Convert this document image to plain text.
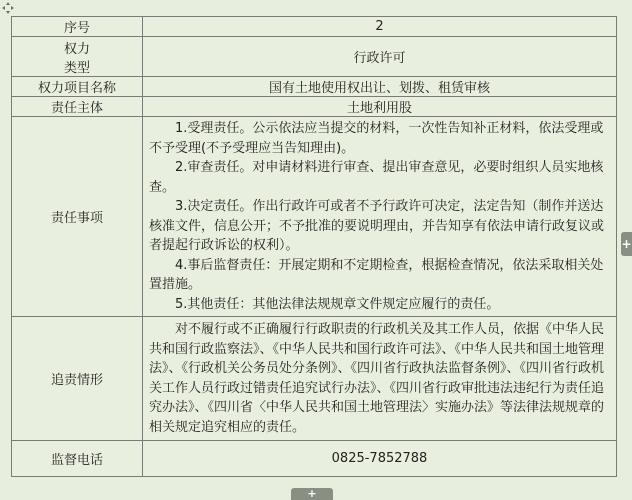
序号	2

权力
类型	行政许可
权力项目名称	国有土地使用权出让、划拨、租赁审核
责任主体	土地利用股
责任事项	1.受理责任。公示依法应当提交的材料，一次性告知补正材料，依法受理或不予受理(不予受理应当告知理由)。
2.审查责任。对申请材料进行审查、提出审查意见，必要时组织人员实地核查。
3.决定责任。作出行政许可或者不予行政许可决定，法定告知（制作并送达核准文件，信息公开；不予批准的要说明理由，并告知享有依法申请行政复议或者提起行政诉讼的权利）。
4.事后监督责任：开展定期和不定期检查，根据检查情况，依法采取相关处置措施。
5.其他责任：其他法律法规规章文件规定应履行的责任。

追责情形	对不履行或不正确履行行政职责的行政机关及其工作人员，依据《中华人民共和国行政监察法》、《中华人民共和国行政许可法》、《中华人民共和国土地管理法》、《行政机关公务员处分条例》、《四川省行政执法监督条例》、《四川省行政机关工作人员行政过错责任追究试行办法》、《四川省行政审批违法违纪行为责任追究办法》、《四川省〈中华人民共和国土地管理法〉实施办法》等法律法规规章的相关规定追究相应的责任。

监督电话	0825-7852788
+
+
